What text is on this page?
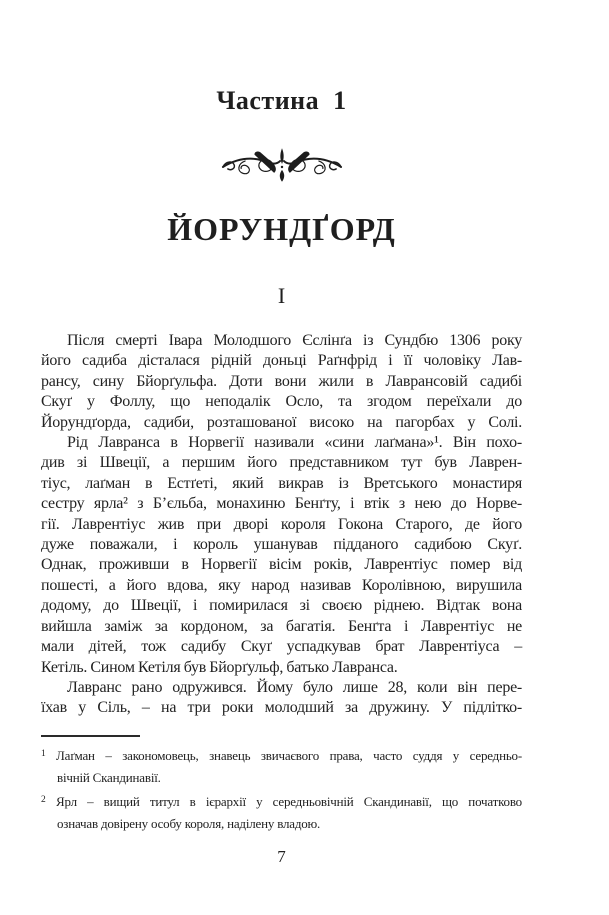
Частина 1
ЙОРУНДҐОРД
I
Після смерті Івара Молодшого Єслінґа із Сундбю 1306 року
його садиба дісталася рідній доньці Раґнфрід і її чоловіку Лав-
рансу, сину Бйорґульфа. Доти вони жили в Лаврансовій садибі
Скуґ у Фоллу, що неподалік Осло, та згодом переїхали до
Йорундґорда, садиби, розташованої високо на пагорбах у Солі.
Рід Лавранса в Норвегії називали «сини лаґмана»¹. Він похо-
див зі Швеції, а першим його представником тут був Лаврен-
тіус, лаґман в Естґеті, який викрав із Вретського монастиря
сестру ярла² з Б’єльба, монахиню Бенґту, і втік з нею до Норве-
гії. Лаврентіус жив при дворі короля Гокона Старого, де його
дуже поважали, і король ушанував підданого садибою Скуґ.
Однак, проживши в Норвегії вісім років, Лаврентіус помер від
пошесті, а його вдова, яку народ називав Королівною, вирушила
додому, до Швеції, і помирилася зі своєю ріднею. Відтак вона
вийшла заміж за кордоном, за багатія. Бенґта і Лаврентіус не
мали дітей, тож садибу Скуґ успадкував брат Лаврентіуса –
Кетіль. Сином Кетіля був Бйорґульф, батько Лавранса.
Лавранс рано одружився. Йому було лише 28, коли він пере-
їхав у Сіль, – на три роки молодший за дружину. У підлітко-
1 Лаґман – закономовець, знавець звичаєвого права, часто суддя у середньо-
вічній Скандинавії.
2 Ярл – вищий титул в ієрархії у середньовічній Скандинавії, що початково
означав довірену особу короля, наділену владою.
7
